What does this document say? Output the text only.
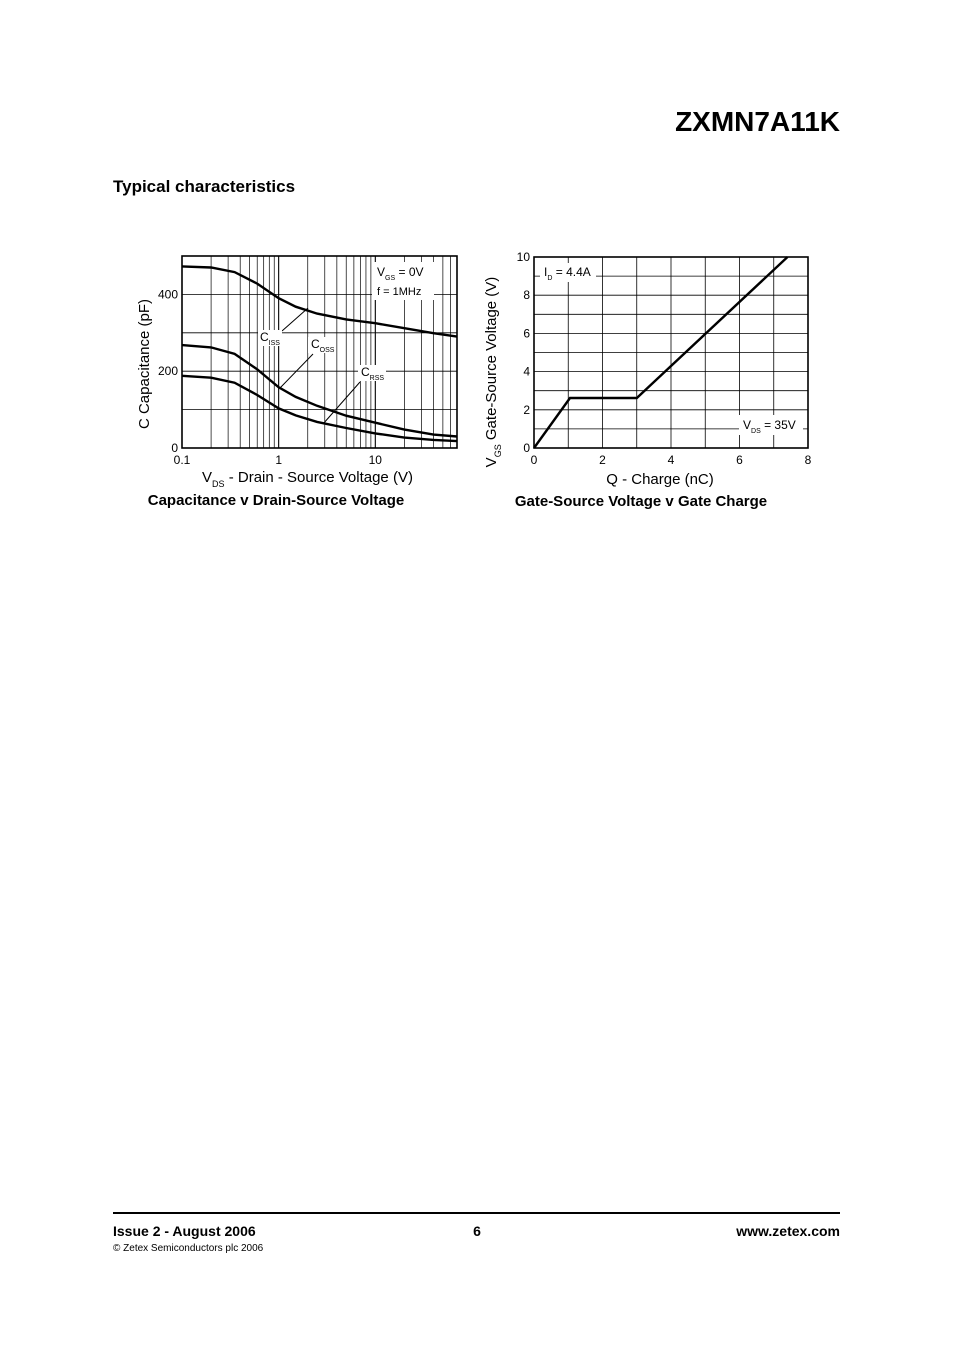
ZXMN7A11K
Typical characteristics
0.1	1	10
0
200
400
$V_{GS} = 0V$
f = 1MHz
$C_{ISS}$	$C_{OSS}$
$C_{RSS}$
$V_{DS}$ - Drain - Source Voltage (V)
C Capacitance (pF)
Capacitance v Drain-Source Voltage
0	2	4	6	8
0
2
4
6
8
10
$I_D = 4.4A$
$V_{DS} = 35V$
Q - Charge (nC)
$V_{GS}$ Gate-Source Voltage (V)
Gate-Source Voltage v Gate Charge
Issue 2 - August 2006	6	www.zetex.com
© Zetex Semiconductors plc 2006
